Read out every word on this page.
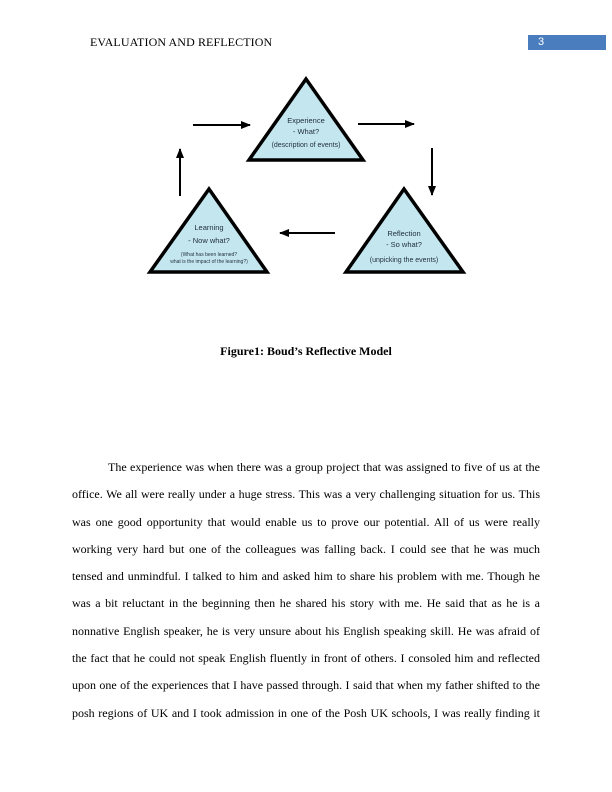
EVALUATION AND REFLECTION	3
Experience
- What?
(description of events)
Reflection
- So what?
(unpicking the events)
Learning
- Now what?
(What has been learned?
what is the impact of the learning?)
Figure1: Boud’s Reflective Model
The experience was when there was a group project that was assigned to five of us at the
office. We all were really under a huge stress. This was a very challenging situation for us. This
was one good opportunity that would enable us to prove our potential. All of us were really
working very hard but one of the colleagues was falling back. I could see that he was much
tensed and unmindful. I talked to him and asked him to share his problem with me. Though he
was a bit reluctant in the beginning then he shared his story with me. He said that as he is a
nonnative English speaker, he is very unsure about his English speaking skill. He was afraid of
the fact that he could not speak English fluently in front of others. I consoled him and reflected
upon one of the experiences that I have passed through. I said that when my father shifted to the
posh regions of UK and I took admission in one of the Posh UK schools, I was really finding it
